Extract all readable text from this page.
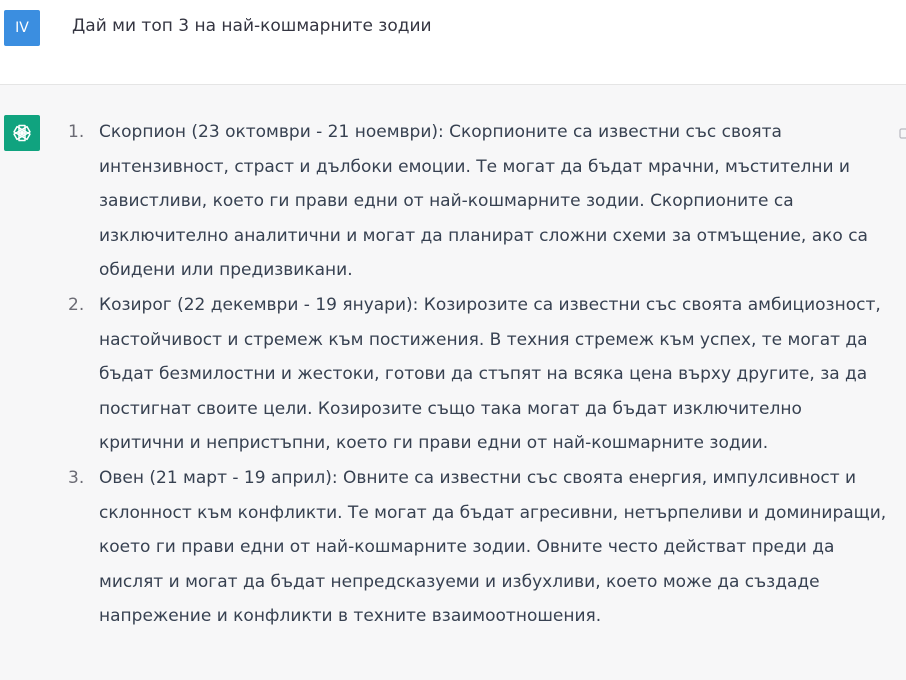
IV	Дай ми топ 3 на най-кошмарните зодии
1. Скорпион (23 октомври - 21 ноември): Скорпионите са известни със своята интензивност, страст и дълбоки емоции. Те могат да бъдат мрачни, мъстителни и завистливи, което ги прави едни от най-кошмарните зодии. Скорпионите са изключително аналитични и могат да планират сложни схеми за отмъщение, ако са обидени или предизвикани.
2. Козирог (22 декември - 19 януари): Козирозите са известни със своята амбициозност, настойчивост и стремеж към постижения. В техния стремеж към успех, те могат да бъдат безмилостни и жестоки, готови да стъпят на всяка цена върху другите, за да постигнат своите цели. Козирозите също така могат да бъдат изключително критични и непристъпни, което ги прави едни от най-кошмарните зодии.
3. Овен (21 март - 19 април): Овните са известни със своята енергия, импулсивност и склонност към конфликти. Те могат да бъдат агресивни, нетърпеливи и доминиращи, което ги прави едни от най-кошмарните зодии. Овните често действат преди да мислят и могат да бъдат непредсказуеми и избухливи, което може да създаде напрежение и конфликти в техните взаимоотношения.
